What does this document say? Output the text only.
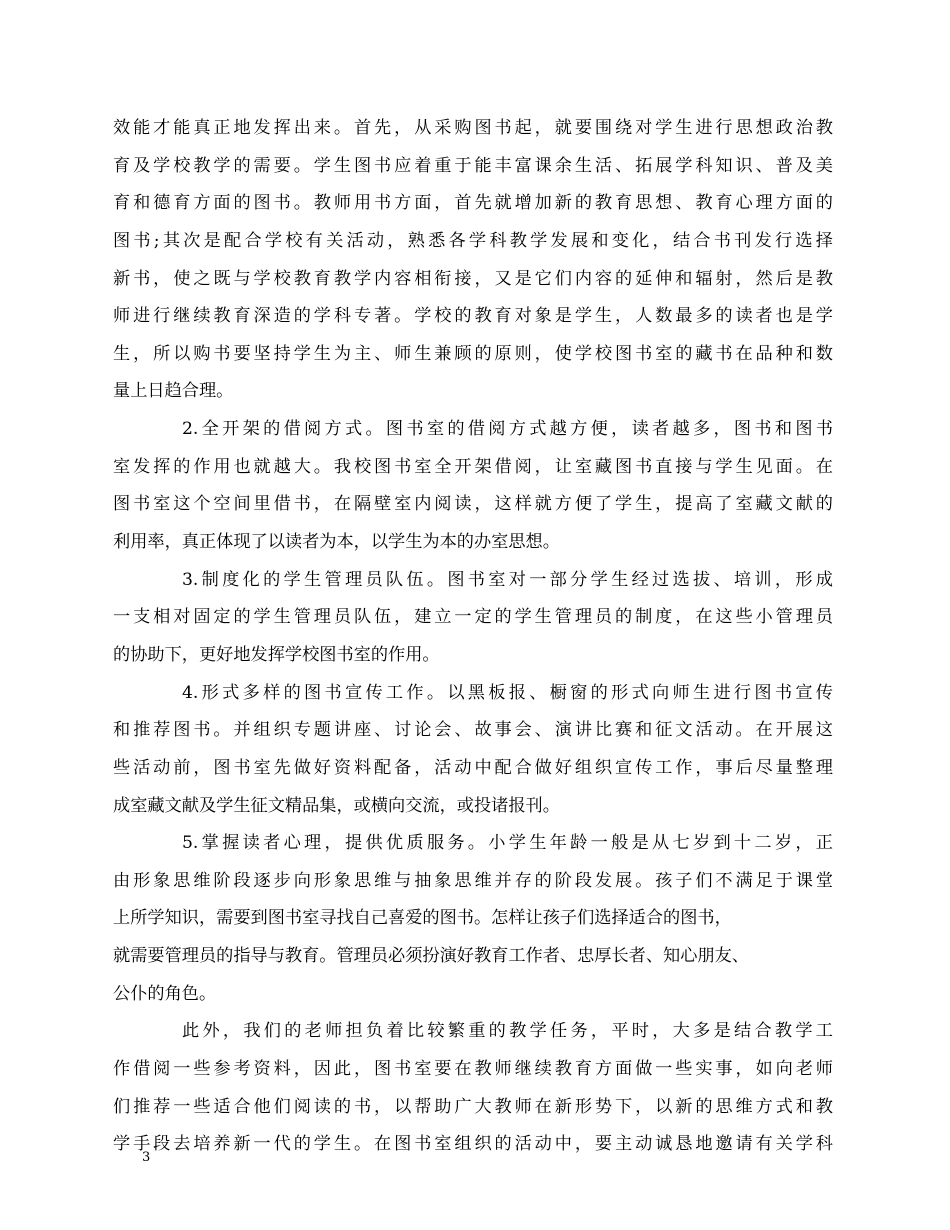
效能才能真正地发挥出来。首先，从采购图书起，就要围绕对学生进行思想政治教
育及学校教学的需要。学生图书应着重于能丰富课余生活、拓展学科知识、普及美
育和德育方面的图书。教师用书方面，首先就增加新的教育思想、教育心理方面的
图书;其次是配合学校有关活动，熟悉各学科教学发展和变化，结合书刊发行选择
新书，使之既与学校教育教学内容相衔接，又是它们内容的延伸和辐射，然后是教
师进行继续教育深造的学科专著。学校的教育对象是学生，人数最多的读者也是学
生，所以购书要坚持学生为主、师生兼顾的原则，使学校图书室的藏书在品种和数
量上日趋合理。
2.全开架的借阅方式。图书室的借阅方式越方便，读者越多，图书和图书
室发挥的作用也就越大。我校图书室全开架借阅，让室藏图书直接与学生见面。在
图书室这个空间里借书，在隔壁室内阅读，这样就方便了学生，提高了室藏文献的
利用率，真正体现了以读者为本，以学生为本的办室思想。
3.制度化的学生管理员队伍。图书室对一部分学生经过选拔、培训，形成
一支相对固定的学生管理员队伍，建立一定的学生管理员的制度，在这些小管理员
的协助下，更好地发挥学校图书室的作用。
4.形式多样的图书宣传工作。以黑板报、橱窗的形式向师生进行图书宣传
和推荐图书。并组织专题讲座、讨论会、故事会、演讲比赛和征文活动。在开展这
些活动前，图书室先做好资料配备，活动中配合做好组织宣传工作，事后尽量整理
成室藏文献及学生征文精品集，或横向交流，或投诸报刊。
5.掌握读者心理，提供优质服务。小学生年龄一般是从七岁到十二岁，正
由形象思维阶段逐步向形象思维与抽象思维并存的阶段发展。孩子们不满足于课堂
上所学知识，需要到图书室寻找自己喜爱的图书。怎样让孩子们选择适合的图书，
就需要管理员的指导与教育。管理员必须扮演好教育工作者、忠厚长者、知心朋友、
公仆的角色。
此外，我们的老师担负着比较繁重的教学任务，平时，大多是结合教学工
作借阅一些参考资料，因此，图书室要在教师继续教育方面做一些实事，如向老师
们推荐一些适合他们阅读的书，以帮助广大教师在新形势下，以新的思维方式和教
学手段去培养新一代的学生。在图书室组织的活动中，要主动诚恳地邀请有关学科
3
